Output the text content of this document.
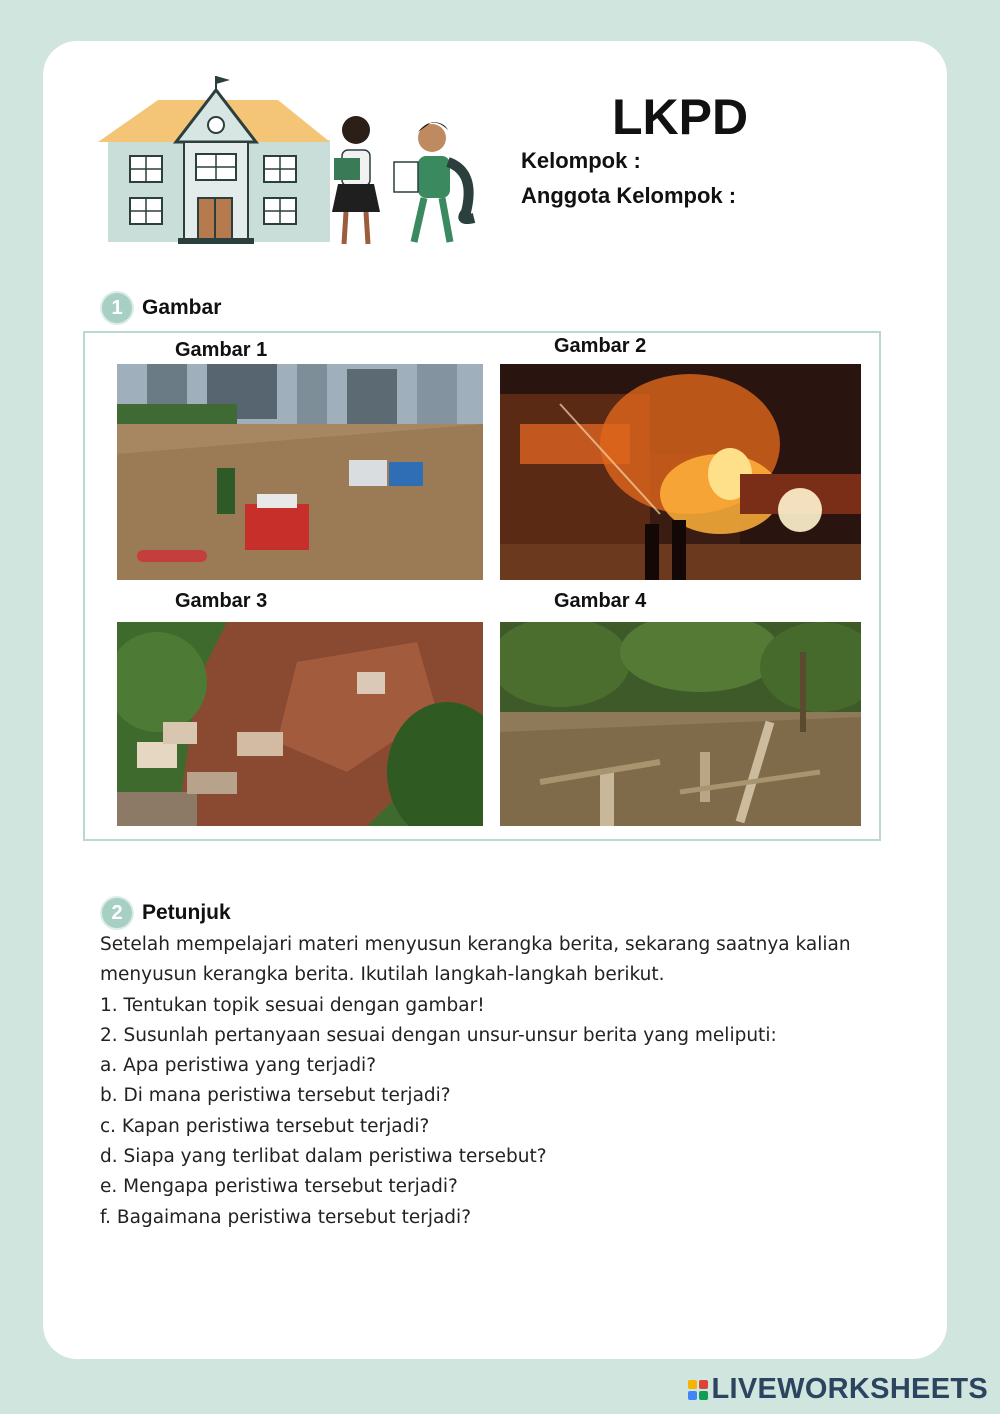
LKPD
Kelompok :
Anggota Kelompok :
1 Gambar
Gambar 1	Gambar 2
Gambar 3	Gambar 4
2 Petunjuk
Setelah mempelajari materi menyusun kerangka berita, sekarang saatnya kalian
menyusun kerangka berita. Ikutilah langkah-langkah berikut.
1. Tentukan topik sesuai dengan gambar!
2. Susunlah pertanyaan sesuai dengan unsur-unsur berita yang meliputi:
a. Apa peristiwa yang terjadi?
b. Di mana peristiwa tersebut terjadi?
c. Kapan peristiwa tersebut terjadi?
d. Siapa yang terlibat dalam peristiwa tersebut?
e. Mengapa peristiwa tersebut terjadi?
f. Bagaimana peristiwa tersebut terjadi?
LIVEWORKSHEETS
